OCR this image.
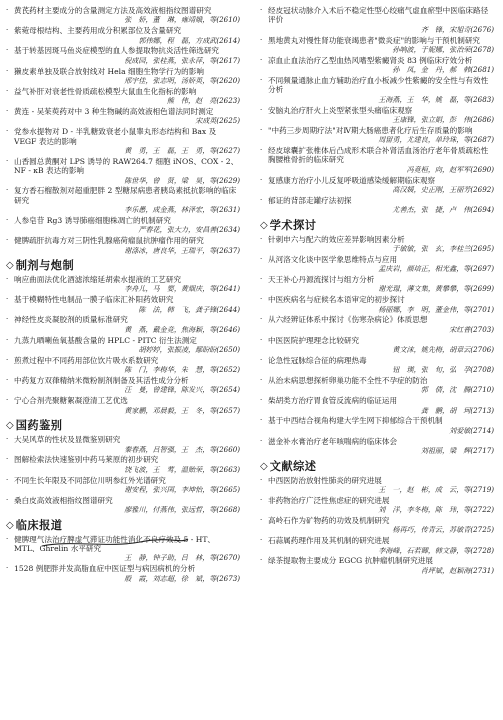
· 黄芪药材主要成分的含量测定方法及高效液相指纹图谱研究
张　娇，董　琳，雍靖娥，等(2610)
· 紫菀母根结构、主要药用成分积累部位及含量研究
郭伟娜，程　磊，方成武(2614)
· 基于转基因斑马鱼炎症模型的血人参提取物抗炎活性筛选研究
倪成园，张桂燕，张永萍，等(2617)
· 獭皮素单独及联合放射线对 Hela 细胞生物学行为的影响
邢宇佳，张志明，汤娇英，等(2620)
· 益气补肝对衰老性骨质疏松模型大鼠血生化指标的影响
熊　伟，赵　亮(2623)
· 黄连 - 吴茱萸药对中 3 种生物碱的高效液相色谱法同时测定
宋成英(2625)
· 党参水提物对 D - 半乳糖致衰老小鼠睾丸形态结构和 Bax 及 VEGF 表达的影响
黄　勇，王　磊，王　勇，等(2627)
· 山香圆总黄酮对 LPS 诱导的 RAW264.7 细胞 iNOS、COX - 2、NF - κB 表达的影响
陈世华，曾　贤，梁　昊，等(2629)
· 复方香石榴散剂对超重肥胖 2 型糖尿病患者胰岛素抵抗影响的临床研究
李乐愚，成金燕，林泽宏，等(2631)
· 人参皂苷 Rg3 诱导肺癌细胞株凋亡的机制研究
严春花，张大力，安昌善(2634)
· 健脾疏肝抗毒方对三阴性乳腺癌荷瘤鼠抗肿瘤作用的研究
谢涤冰，唐良华，王瑞平，等(2637)
◇ 制剂与炮制
· 响应曲面法优化酒滤浓缩延胡索水提液的工艺研究
李舟儿，马　婴，黄烟庆，等(2641)
· 基于模糊特性电制品一膜子临床汇补阳药效研究
陈　法，韩　飞，龚子锋(2644)
· 神经性皮炎凝胶剂的质量标准研究
黄　燕，戴金竞，焦海颖，等(2646)
· 九蒸九晒喇鱼氧基酸含量的 HPLC - PITC 衍生法测定
胡婷婷，张振凌，鄢盼盼(2650)
· 煎煮过程中不同药用部位饮片吸水系数研究
陈　门，李梅华，朱　慧，等(2652)
· 中药复方双葎精纳米微粉制剂制备及其活性成分分析
汪　曼，曾建锋，陈发兴，等(2654)
· 宁心合剂壳聚糖絮凝澄清工艺优选
黄家鹏，邓晨毅，王　冬，等(2657)
◇ 国药鉴别
· 大吴风草的性状及显微鉴别研究
秦春燕，吕智强，王　杰，等(2660)
· 图解检索法快速鉴别中药马莱原的初步研究
饶飞波，王　莺，温贻荣，等(2663)
· 不同生长年限及不同部位川明参红外光谱研究
谢安程，张兴国，李坤怡，等(2665)
· 桑白皮高效液相指纹图谱研究
廖雅川，付燕伟，张远哲，等(2668)
◇ 临床报道
· 健脾理气法治疗脾虚气滞证功能性消化不良疗效及 5 - HT、MTL、Ghrelin 水平研究
王　静，钟子助，吕　林，等(2670)
· 1528 例肥胖并发高脂血症中医证型与病因病机的分析
殷　霞，刘志超，徐　斌，等(2673)
· 经皮冠状动脉介入术后不稳定性型心绞痛气虚血瘀型中医临床路径评价
齐　锋，宋旭奇(2676)
· 黑地黄丸对慢性肾功能衰竭患者"微炎症"的影响与干预机制研究
孙响波，于妮娜，张治荣(2678)
· 凉血止血法治疗乙型血热风嗜型紫癜肾炎 83 例临床疗效分析
孙　凤，金　丹，郝　韩(2681)
· 不同频量通脉止血方辅助治疗血小板减少性紫癜的安全性与有效性分析
王海燕，王　华，姚　磊，等(2683)
· 安脑丸治疗肝火上炎型紧张型头痛临床观察
王康锋，张立娟，彭　伟(2686)
· "中药三步周期疗法"对Ⅳ期大肠癌患者化疗后生存质量的影响
周留勇，尤建良，单玲珠，等(2687)
· 经皮球囊扩张椎体后凸成形术联合补肾活血汤治疗老年骨质疏松性胸腰椎骨折的临床研究
冯竟桓，向，赵军军(2690)
· 复感康方治疗小儿反复呼吸道感染缓解期临床观察
高汉媛，史正刚，王丽芳(2692)
· 郁证的背部走罐疗法初探
尤善杰，张　捷，卢　伟(2694)
◇ 学术探讨
· 针刺申六与配六的效应差异影响因素分析
于敏敏，张　玄，李桂兰(2695)
· 从河洛文化谈中医学象思维特点与应用
孟庆岩，颜培正，相光鑫，等(2697)
· 天王补心丹源流探讨与组方分析
谢光璟，薄文集，黄攀攀，等(2699)
· 中医疾病名与症候名本语审定的初步探讨
杨丽娜，李　明，董金伟，等(2701)
· 从六经辨证体系中探讨《伤寒杂病论》体质思想
宋红普(2703)
· 中医医院护理理念比较研究
黄文沫，姚先梅，胡章云(2706)
· 论急性冠脉综合征的病理热毒
钮　瑛，张　旬，弘　孕(2708)
· 从治未病思想探析卵巢功能不全性不孕症的防治
郭　倩，沈　腾(2710)
· 柴胡类方治疗胃食管反流病的临证运用
龚　鹏，胡　珂(2713)
· 基于中西结合视角构建大学生网下抑郁综合干预机制
刘爱敏(2714)
· 滋金补水膏治疗老年咳喘病的临床体会
刘祖丽，梁　辉(2717)
◇ 文献综述
· 中西医防治放射性肺炎的研究进展
王　一，赵　彬，成　云，等(2719)
· 非药物治疗广泛性焦虑症的研究进展
刘　洋，李冬梅，陈　玮，等(2722)
· 高岭石作为矿物药的功效及机制研究
杨再巧，传青云，苏敏青(2725)
· 石蒜属药理作用及其机制的研究进展
李海峰，石若卿，韩文静，等(2728)
· 绿茶提取物主要成分 EGCG 抗肿瘤机制研究进展
肖坪斌，赵颖海(2731)
